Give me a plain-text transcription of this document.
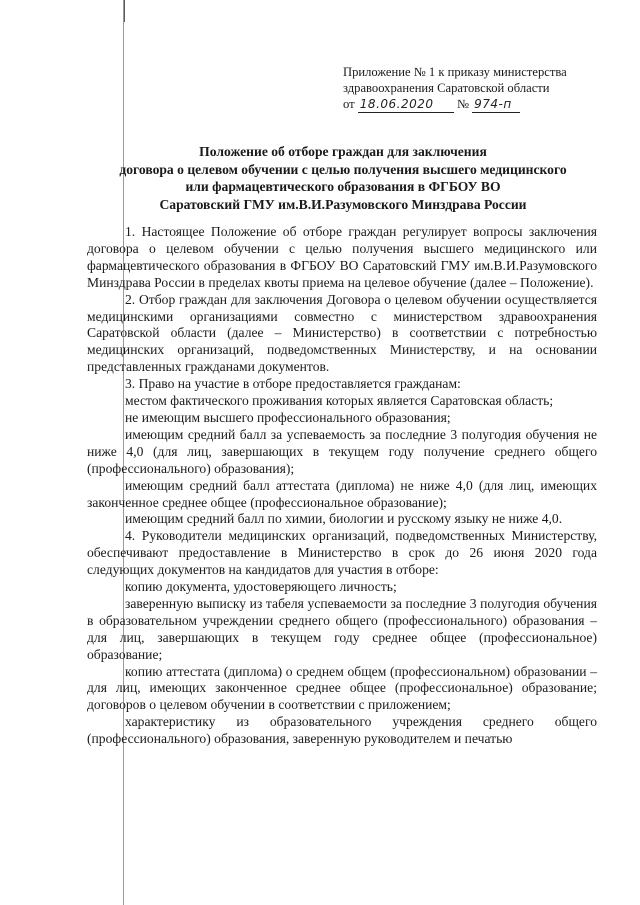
Приложение № 1 к приказу министерства
здравоохранения Саратовской области
от 18.06.2020 № 974-п
Положение об отборе граждан для заключения
договора о целевом обучении с целью получения высшего медицинского
или фармацевтического образования в ФГБОУ ВО
Саратовский ГМУ им.В.И.Разумовского Минздрава России

1. Настоящее Положение об отборе граждан регулирует вопросы заключения договора о целевом обучении с целью получения высшего медицинского или фармацевтического образования в ФГБОУ ВО Саратовский ГМУ им.В.И.Разумовского Минздрава России в пределах квоты приема на целевое обучение (далее – Положение).

2. Отбор граждан для заключения Договора о целевом обучении осуществляется медицинскими организациями совместно с министерством здравоохранения Саратовской области (далее – Министерство) в соответствии с потребностью медицинских организаций, подведомственных Министерству, и на основании представленных гражданами документов.

3. Право на участие в отборе предоставляется гражданам:

местом фактического проживания которых является Саратовская область;

не имеющим высшего профессионального образования;

имеющим средний балл за успеваемость за последние 3 полугодия обучения не ниже 4,0 (для лиц, завершающих в текущем году получение среднего общего (профессионального) образования);

имеющим средний балл аттестата (диплома) не ниже 4,0 (для лиц, имеющих законченное среднее общее (профессиональное образование);

имеющим средний балл по химии, биологии и русскому языку не ниже 4,0.

4. Руководители медицинских организаций, подведомственных Министерству, обеспечивают предоставление в Министерство в срок до 26 июня 2020 года следующих документов на кандидатов для участия в отборе:

копию документа, удостоверяющего личность;

заверенную выписку из табеля успеваемости за последние 3 полугодия обучения в образовательном учреждении среднего общего (профессионального) образования – для лиц, завершающих в текущем году среднее общее (профессиональное) образование;

копию аттестата (диплома) о среднем общем (профессиональном) образовании – для лиц, имеющих законченное среднее общее (профессиональное) образование; договоров о целевом обучении в соответствии с приложением;

характеристику из образовательного учреждения среднего общего (профессионального) образования, заверенную руководителем и печатью
